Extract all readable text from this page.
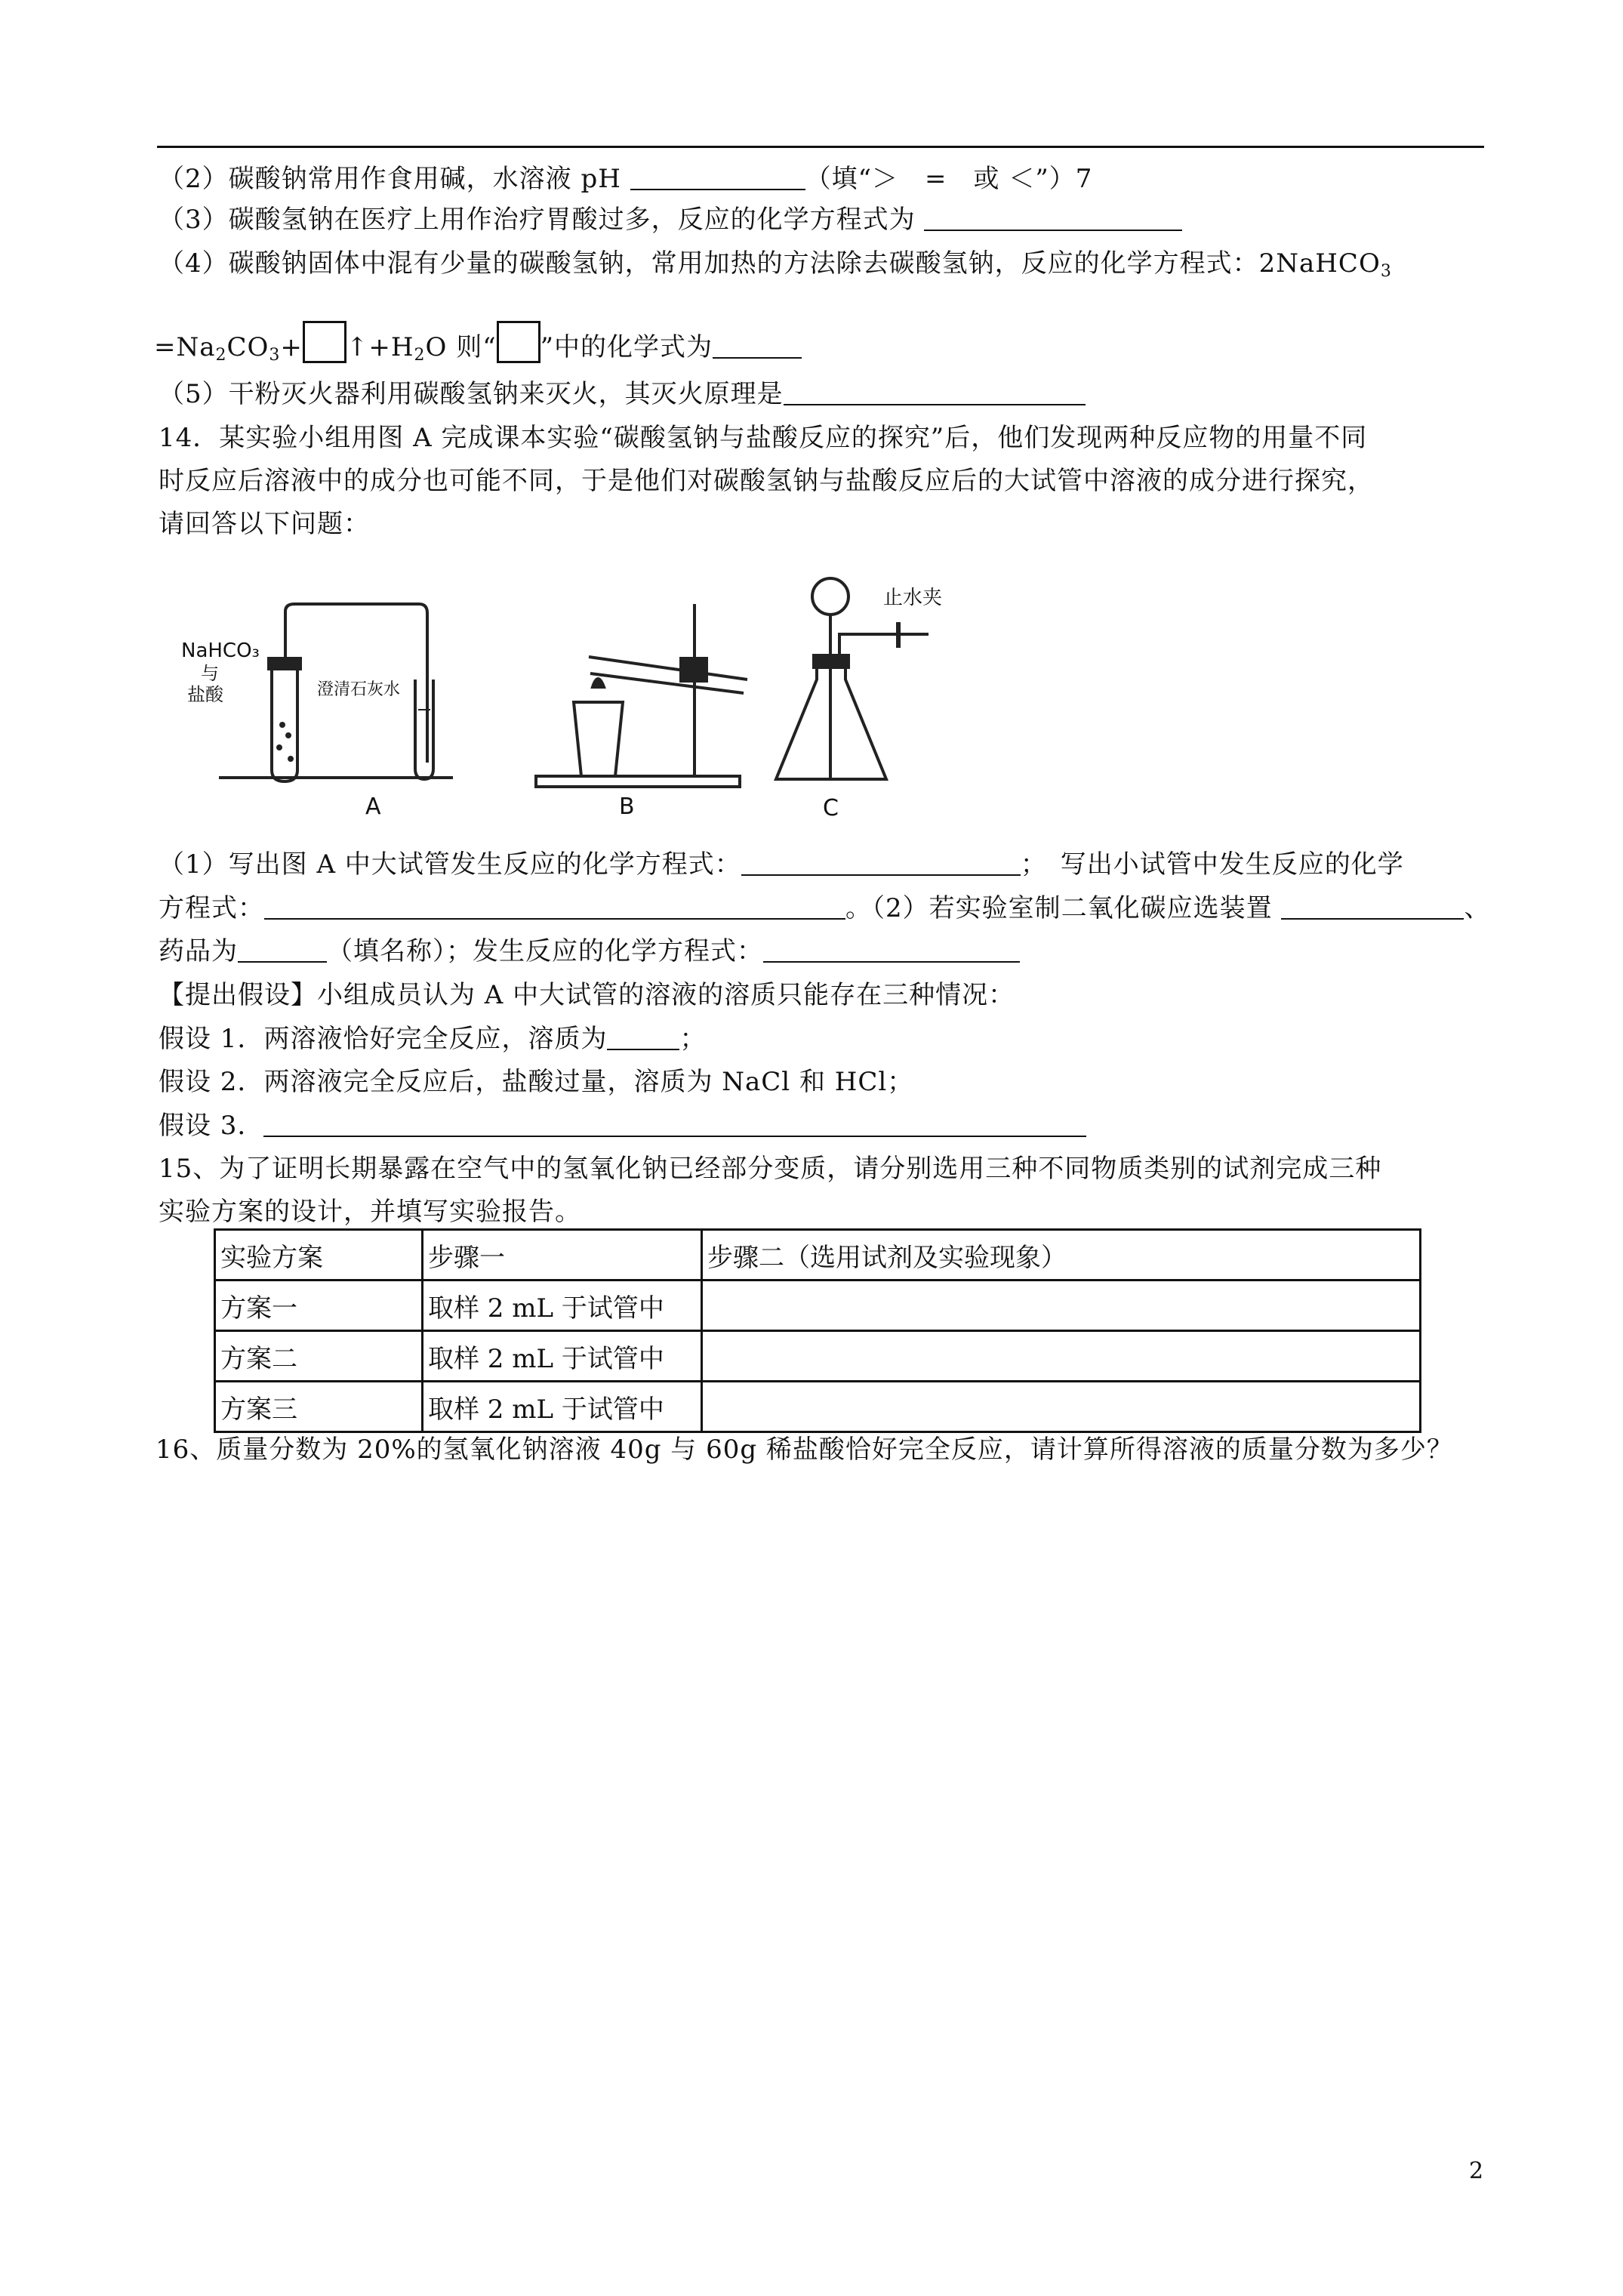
（2）碳酸钠常用作食用碱，水溶液 pH	（填“＞　=　或 ＜”）7
（3）碳酸氢钠在医疗上用作治疗胃酸过多，反应的化学方程式为
（4）碳酸钠固体中混有少量的碳酸氢钠，常用加热的方法除去碳酸氢钠，反应的化学方程式：2NaHCO$_3$
$=Na_2CO_3+$ $↑+H_2O$ 则“ ”中的化学式为
（5）干粉灭火器利用碳酸氢钠来灭火，其灭火原理是
14．某实验小组用图 A 完成课本实验“碳酸氢钠与盐酸反应的探究”后，他们发现两种反应物的用量不同
时反应后溶液中的成分也可能不同，于是他们对碳酸氢钠与盐酸反应后的大试管中溶液的成分进行探究，
请回答以下问题：
NaHCO₃
与
盐酸	澄清石灰水
A	B
止水夹
C
（1）写出图 A 中大试管发生反应的化学方程式：	；　写出小试管中发生反应的化学
方程式：	。（2）若实验室制二氧化碳应选装置	、
药品为	（填名称）；发生反应的化学方程式：
【提出假设】小组成员认为 A 中大试管的溶液的溶质只能存在三种情况：
假设 1．两溶液恰好完全反应，溶质为	；
假设 2．两溶液完全反应后，盐酸过量，溶质为 NaCl 和 HCl；
假设 3．
15、为了证明长期暴露在空气中的氢氧化钠已经部分变质，请分别选用三种不同物质类别的试剂完成三种
实验方案的设计，并填写实验报告。
实验方案	步骤一	步骤二（选用试剂及实验现象）
方案一	取样 2 mL 于试管中	
方案二	取样 2 mL 于试管中	
方案三	取样 2 mL 于试管中	
16、质量分数为 20%的氢氧化钠溶液 40g 与 60g 稀盐酸恰好完全反应，请计算所得溶液的质量分数为多少？
2
